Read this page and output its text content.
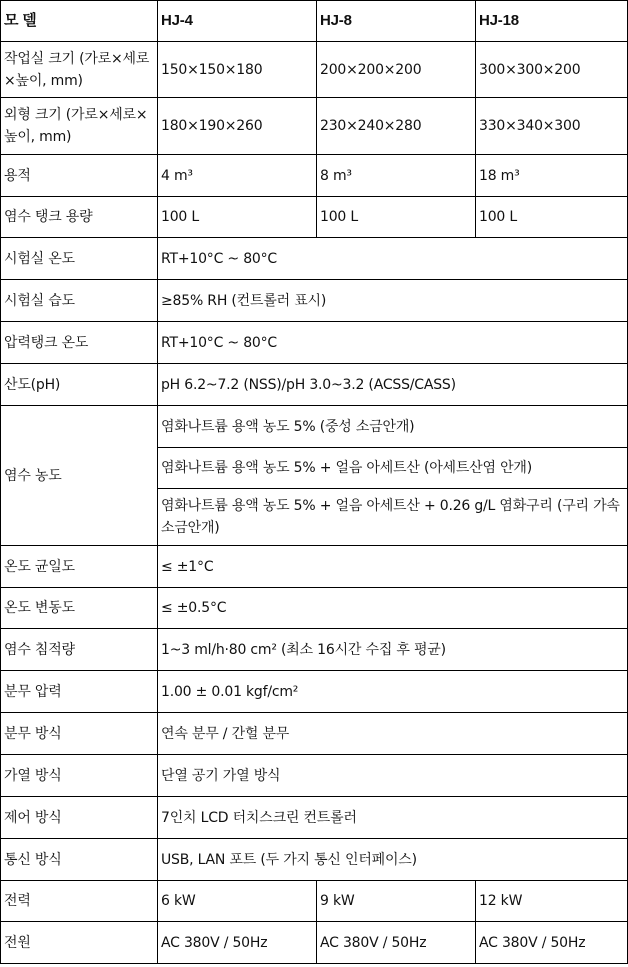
모 델	HJ-4	HJ-8	HJ-18
작업실 크기 (가로×세로×높이, mm)	150×150×180	200×200×200	300×300×200
외형 크기 (가로×세로×높이, mm)	180×190×260	230×240×280	330×340×300
용적	4 m³	8 m³	18 m³
염수 탱크 용량	100 L	100 L	100 L
시험실 온도	RT+10°C ~ 80°C		
시험실 습도	≥85% RH (컨트롤러 표시)		
압력탱크 온도	RT+10°C ~ 80°C		
산도(pH)	pH 6.2~7.2 (NSS)/pH 3.0~3.2 (ACSS/CASS)		
염수 농도	염화나트륨 용액 농도 5% (중성 소금안개)		
	염화나트륨 용액 농도 5% + 얼음 아세트산 (아세트산염 안개)		
	염화나트륨 용액 농도 5% + 얼음 아세트산 + 0.26 g/L 염화구리 (구리 가속 소금안개)		
온도 균일도	≤ ±1°C		
온도 변동도	≤ ±0.5°C		
염수 침적량	1~3 ml/h·80 cm² (최소 16시간 수집 후 평균)		
분무 압력	1.00 ± 0.01 kgf/cm²		
분무 방식	연속 분무 / 간헐 분무		
가열 방식	단열 공기 가열 방식		
제어 방식	7인치 LCD 터치스크린 컨트롤러		
통신 방식	USB, LAN 포트 (두 가지 통신 인터페이스)		
전력	6 kW	9 kW	12 kW
전원	AC 380V / 50Hz	AC 380V / 50Hz	AC 380V / 50Hz
